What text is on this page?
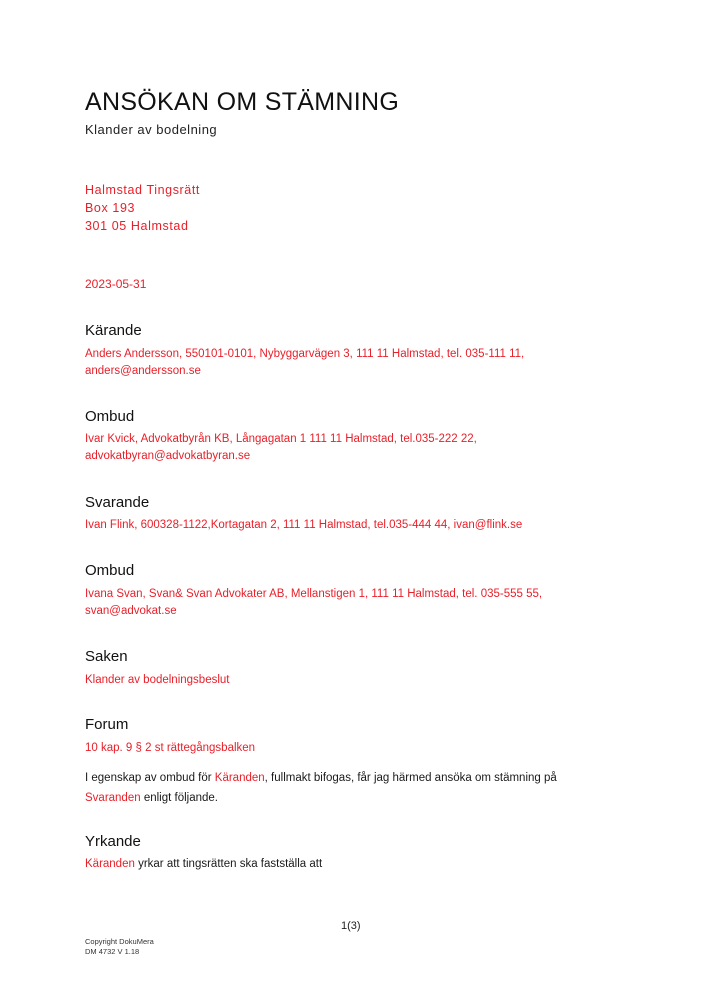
ANSÖKAN OM STÄMNING
Klander av bodelning
Halmstad Tingsrätt
Box 193
301 05 Halmstad
2023-05-31
Kärande
Anders Andersson, 550101-0101, Nybyggarvägen 3, 111 11 Halmstad, tel. 035-111 11,
anders@andersson.se
Ombud
Ivar Kvick, Advokatbyrån KB, Långagatan 1 111 11 Halmstad, tel.035-222 22,
advokatbyran@advokatbyran.se
Svarande
Ivan Flink, 600328-1122,Kortagatan 2, 111 11 Halmstad, tel.035-444 44, ivan@flink.se
Ombud
Ivana Svan, Svan& Svan Advokater AB, Mellanstigen 1, 111 11 Halmstad, tel. 035-555 55,
svan@advokat.se
Saken
Klander av bodelningsbeslut
Forum
10 kap. 9 § 2 st rättegångsbalken
I egenskap av ombud för Käranden, fullmakt bifogas, får jag härmed ansöka om stämning på
Svaranden enligt följande.
Yrkande
Käranden yrkar att tingsrätten ska fastställa att
1(3)
Copyright DokuMera
DM 4732 V 1.18
